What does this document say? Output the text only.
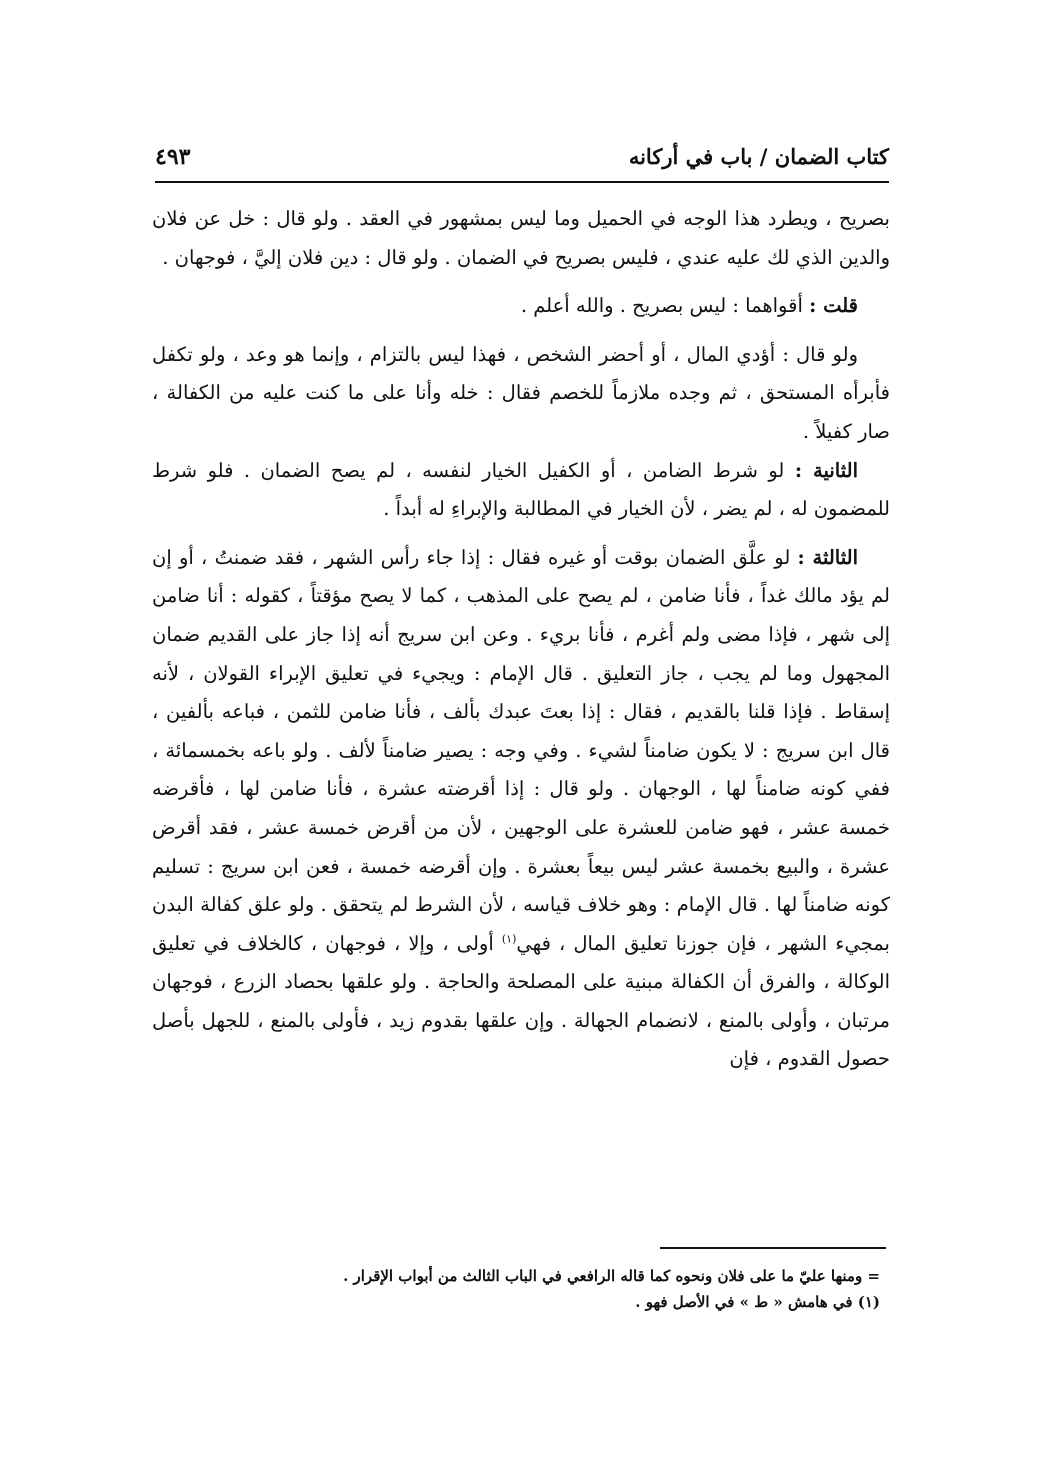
كتاب الضمان / باب في أركانه
٤٩٣

بصريح ، ويطرد هذا الوجه في الحميل وما ليس بمشهور في العقد . ولو قال : خل عن فلان والدين الذي لك عليه عندي ، فليس بصريح في الضمان . ولو قال : دين فلان إليَّ ، فوجهان .

قلت : أقواهما : ليس بصريح . والله أعلم .

ولو قال : أؤدي المال ، أو أحضر الشخص ، فهذا ليس بالتزام ، وإنما هو وعد ، ولو تكفل فأبرأه المستحق ، ثم وجده ملازماً للخصم فقال : خله وأنا على ما كنت عليه من الكفالة ، صار كفيلاً .

الثانية : لو شرط الضامن ، أو الكفيل الخيار لنفسه ، لم يصح الضمان . فلو شرط للمضمون له ، لم يضر ، لأن الخيار في المطالبة والإبراءِ له أبداً .

الثالثة : لو علَّق الضمان بوقت أو غيره فقال : إذا جاء رأس الشهر ، فقد ضمنتُ ، أو إن لم يؤد مالك غداً ، فأنا ضامن ، لم يصح على المذهب ، كما لا يصح مؤقتاً ، كقوله : أنا ضامن إلى شهر ، فإذا مضى ولم أغرم ، فأنا بريء . وعن ابن سريج أنه إذا جاز على القديم ضمان المجهول وما لم يجب ، جاز التعليق . قال الإمام : ويجيء في تعليق الإبراء القولان ، لأنه إسقاط . فإذا قلنا بالقديم ، فقال : إذا بعتَ عبدك بألف ، فأنا ضامن للثمن ، فباعه بألفين ، قال ابن سريج : لا يكون ضامناً لشيء . وفي وجه : يصير ضامناً لألف . ولو باعه بخمسمائة ، ففي كونه ضامناً لها ، الوجهان . ولو قال : إذا أقرضته عشرة ، فأنا ضامن لها ، فأقرضه خمسة عشر ، فهو ضامن للعشرة على الوجهين ، لأن من أقرض خمسة عشر ، فقد أقرض عشرة ، والبيع بخمسة عشر ليس بيعاً بعشرة . وإن أقرضه خمسة ، فعن ابن سريج : تسليم كونه ضامناً لها . قال الإمام : وهو خلاف قياسه ، لأن الشرط لم يتحقق . ولو علق كفالة البدن بمجيء الشهر ، فإن جوزنا تعليق المال ، فهي$^{(١)}$ أولى ، وإلا ، فوجهان ، كالخلاف في تعليق الوكالة ، والفرق أن الكفالة مبنية على المصلحة والحاجة . ولو علقها بحصاد الزرع ، فوجهان مرتبان ، وأولى بالمنع ، لانضمام الجهالة . وإن علقها بقدوم زيد ، فأولى بالمنع ، للجهل بأصل حصول القدوم ، فإن

= ومنها عليّ ما على فلان ونحوه كما قاله الرافعي في الباب الثالث من أبواب الإقرار .
(١) في هامش « ط » في الأصل فهو .
